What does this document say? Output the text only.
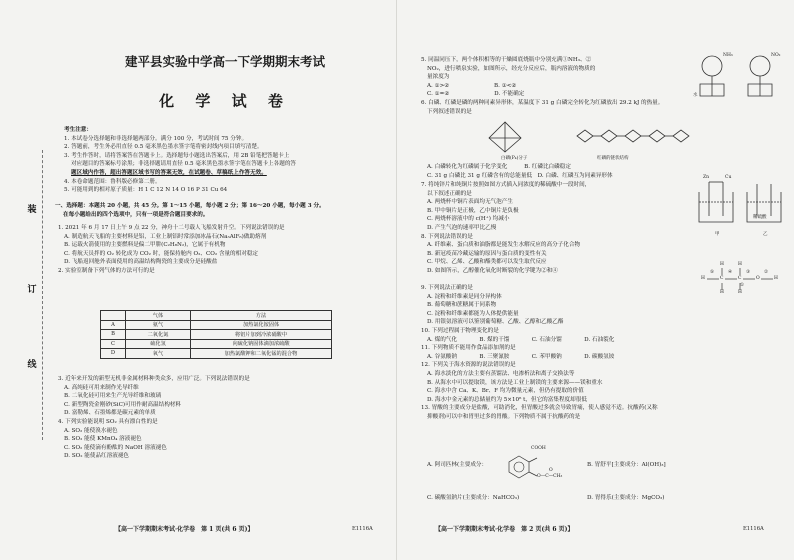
装
订
线
建平县实验中学高一下学期期末考试
化 学 试 卷
考生注意：
1. 本试卷分选择题和非选择题两部分。满分 100 分，考试时间 75 分钟。
2. 答题前，考生务必用直径 0.5 毫米黑色墨水签字笔将密封线内项目填写清楚。
3. 考生作答时，请将答案答在答题卡上。选择题每小题选出答案后，用 2B 铅笔把答题卡上
对应题目的答案标号涂黑；非选择题请用直径 0.5 毫米黑色墨水签字笔在答题卡上各题的答
题区域内作答，超出答题区域书写的答案无效，在试题卷、草稿纸上作答无效。
4. 本卷命题范围：鲁科版必修第二册。
5. 可能用到的相对原子质量：H 1 C 12 N 14 O 16 P 31 Cu 64
一、选择题：本题共 20 小题，共 45 分。第 1～15 小题，每小题 2 分；第 16～20 小题，每小题 3 分。
在每小题给出的四个选项中，只有一项是符合题目要求的。
1. 2021 年 6 月 17 日上午 9 点 22 分，神舟十二号载人飞船发射升空。下列说法错误的是
A. 制造航天飞船的主要材料是铝，工业上制铝时常添加冰晶石(Na₃AlF₆)做助熔剂
B. 运载火箭使用的主要燃料是偏二甲肼(C₂H₈N₂)，它属于有机物
C. 将航天员拌的 O₂ 转化成为 CO₂ 时，能保持舱内 O₂、CO₂ 含量的相对稳定
D. 飞船返回舱外表面使用的高温结构陶瓷的主要成分是硅酸盐
2. 实验室制备下列气体的方法可行的是
	气体	方法
A	氨气	加热氯化铵固体
B	二氧化氮	将铝片加到冷浓硝酸中
C	硫化氢	向硫化钠固体滴加浓硫酸
D	氧气	加热氯酸钾和二氧化锰的混合物
3. 近年来开发的新型无机非金属材料种类众多，应用广泛。下列说法错误的是
A. 高纯硅可用来制作光导纤维
B. 二氧化硅可用来生产光导纤维和玻璃
C. 新型陶瓷金刚砂(SiC)可用作耐高温结构材料
D. 富勒烯、石墨烯都是碳元素的单质
4. 下列实验能说明 SO₂ 具有漂白性的是
A. SO₂ 能使溴水褪色
B. SO₂ 能使 KMnO₄ 溶液褪色
C. SO₂ 能使滴有酚酞的 NaOH 溶液褪色
D. SO₂ 能使品红溶液褪色
【高一下学期期末考试·化学卷　第 1 页(共 6 页)】	E1116A
5. 同温同压下，两个体积相等的干燥圆底烧瓶中分别充满①NH₃、②
NO₂，进行喷泉实验，如图所示，经充分反应后，瓶内溶液的物质的
量浓度为
A. ①>②　　　　　　　　B. ①<②
C. ①=②　　　　　　　　D. 不能确定
6. 白磷、红磷是磷的两种同素异形体，某温度下 31 g 白磷完全转化为红磷放出 29.2 kJ 的热量。
下列叙述错误的是
NH₃	NO₂
水
白磷(P₄)分子	红磷的链状结构
A. 白磷转化为红磷属于化学变化　　　B. 红磷比白磷稳定
C. 31 g 白磷比 31 g 红磷含有的总能量低　D. 白磷、红磷互为同素异形体
7. 将纯锌片和纯铜片按照如图方式插入同浓度的稀硫酸中一段时间，
以下叙述正确的是
A. 两烧杯中铜片表面均无气泡产生
B. 甲中铜片是正极，乙中铜片是负极
C. 两烧杯溶液中的 c(H⁺) 均减小
D. 产生气泡的速率甲比乙慢
8. 下列说法错误的是
A. 纤维素、蛋白质和油脂都是能发生水解反应的高分子化合物
B. 新冠疫苗冷藏运输的原因与蛋白质的变性有关
C. 甲烷、乙烯、乙酸和酯类都可以发生取代反应
D. 如图所示，乙醇催化氧化时断裂的化学键为②和④
甲	乙
Zn	Cu
稀硫酸
H	C	C	O	H
H	H
H	H
⑤	④	③	②
①
9. 下列说法正确的是
A. 淀粉和纤维素是同分异构体
B. 葡萄糖和蔗糖属于同系物
C. 淀粉和纤维素都能为人体提供能量
D. 用银氨溶液可以鉴别葡萄糖、乙酸、乙醇和乙酸乙酯
10. 下列过程属于物理变化的是
A. 煤的气化　　　　B. 煤的干馏　　　　C. 石油分馏　　　　D. 石油裂化
11. 下列物质不能用作食品添加剂的是
A. 谷氨酸钠　　　　B. 三聚氰胺　　　　C. 苯甲酸钠　　　　D. 碳酸氢铵
12. 下列关于海水资源的说法错误的是
A. 海水淡化的方法主要有蒸馏法、电渗析法和离子交换法等
B. 从海水中可以提取镁，该方法是工业上制镁的主要来源——镁和重水
C. 海水中含 Ca、K、Br、F 均为微量元素，但仍有提取的价值
D. 海水中金元素的总储量约为 5×10⁶ t，但它的富集程度却很低
13. 胃酸的主要成分是盐酸，可助消化，但胃酸过多就会导致胃痛，使人感觉不适。抗酸药(又称
抑酸剂)可以中和胃里过多的胃酸。下列物质不属于抗酸药的是
A. 阿司匹林(主要成分：
COOH
O—C—CH₃
O
B. 胃舒平[主要成分：Al(OH)₃]
C. 碳酸氢钠片(主要成分：NaHCO₃)	D. 胃得乐(主要成分：MgCO₃)
【高一下学期期末考试·化学卷　第 2 页(共 6 页)】	E1116A
